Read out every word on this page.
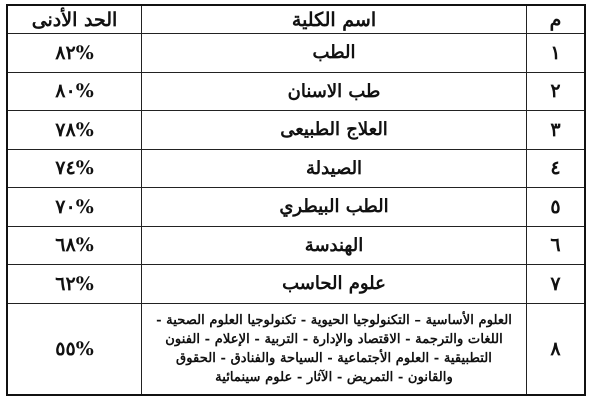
م
اسم الكلية
الحد الأدنى
١
الطب
%٨٢
٢
طب الاسنان
%٨٠
٣
العلاج الطبيعى
%٧٨
٤
الصيدلة
%٧٤
٥
الطب البيطري
%٧٠
٦
الهندسة
%٦٨
٧
علوم الحاسب
%٦٢
٨
العلوم الأساسية – التكنولوجيا الحيوية - تكنولوجيا العلوم الصحية - اللغات والترجمة - الاقتصاد والإدارة - التربية - الإعلام - الفنون التطبيقية - العلوم الأجتماعية - السياحة والفنادق - الحقوق والقانون - التمريض - الآثار - علوم سينمائية
%٥٥
